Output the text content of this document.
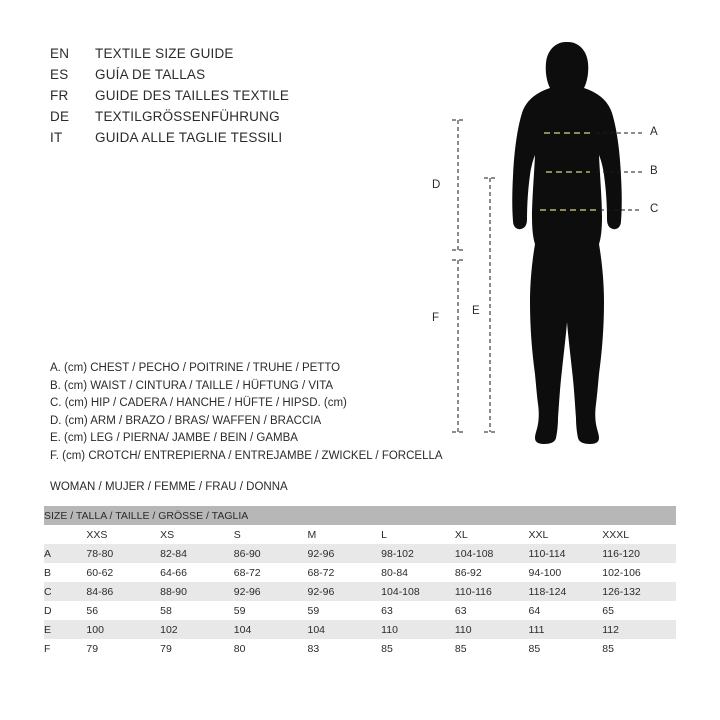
EN	TEXTILE SIZE GUIDE
ES	GUÍA DE TALLAS
FR	GUIDE DES TAILLES TEXTILE
DE	TEXTILGRÖSSENFÜHRUNG
IT	GUIDA ALLE TAGLIE TESSILI
A. (cm) CHEST / PECHO / POITRINE / TRUHE / PETTO
B. (cm) WAIST / CINTURA / TAILLE / HÜFTUNG / VITA
C. (cm) HIP / CADERA / HANCHE / HÜFTE / HIPSD. (cm)
D. (cm) ARM / BRAZO / BRAS/ WAFFEN / BRACCIA
E. (cm) LEG / PIERNA/ JAMBE / BEIN / GAMBA
F. (cm) CROTCH/ ENTREPIERNA / ENTREJAMBE / ZWICKEL / FORCELLA
WOMAN / MUJER / FEMME / FRAU / DONNA
A
B
C
D
F
E
SIZE / TALLA / TAILLE / GRÖSSE / TAGLIA								
	XXS	XS	S	M	L	XL	XXL	XXXL
A	78-80	82-84	86-90	92-96	98-102	104-108	110-114	116-120
B	60-62	64-66	68-72	68-72	80-84	86-92	94-100	102-106
C	84-86	88-90	92-96	92-96	104-108	110-116	118-124	126-132
D	56	58	59	59	63	63	64	65
E	100	102	104	104	110	110	111	112
F	79	79	80	83	85	85	85	85
